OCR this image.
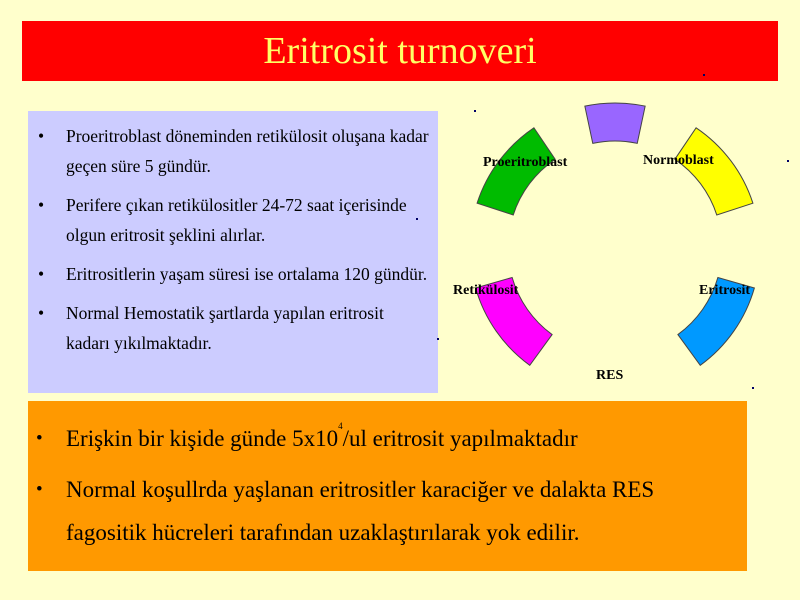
Eritrosit turnoveri
• Proeritroblast döneminden retikülosit oluşana kadar geçen süre 5 gündür.
• Perifere çıkan retikülositler 24-72 saat içerisinde olgun eritrosit şeklini alırlar.
• Eritrositlerin yaşam süresi ise ortalama 120 gündür.
• Normal Hemostatik şartlarda yapılan eritrosit kadarı yıkılmaktadır.
Proeritroblast	Normoblast
Eritrosit
RES
Retikülosit
• Erişkin bir kişide günde $5x10^4/ul$ eritrosit yapılmaktadır
• Normal koşullrda yaşlanan eritrositler karaciğer ve dalakta RES fagositik hücreleri tarafından uzaklaştırılarak yok edilir.
